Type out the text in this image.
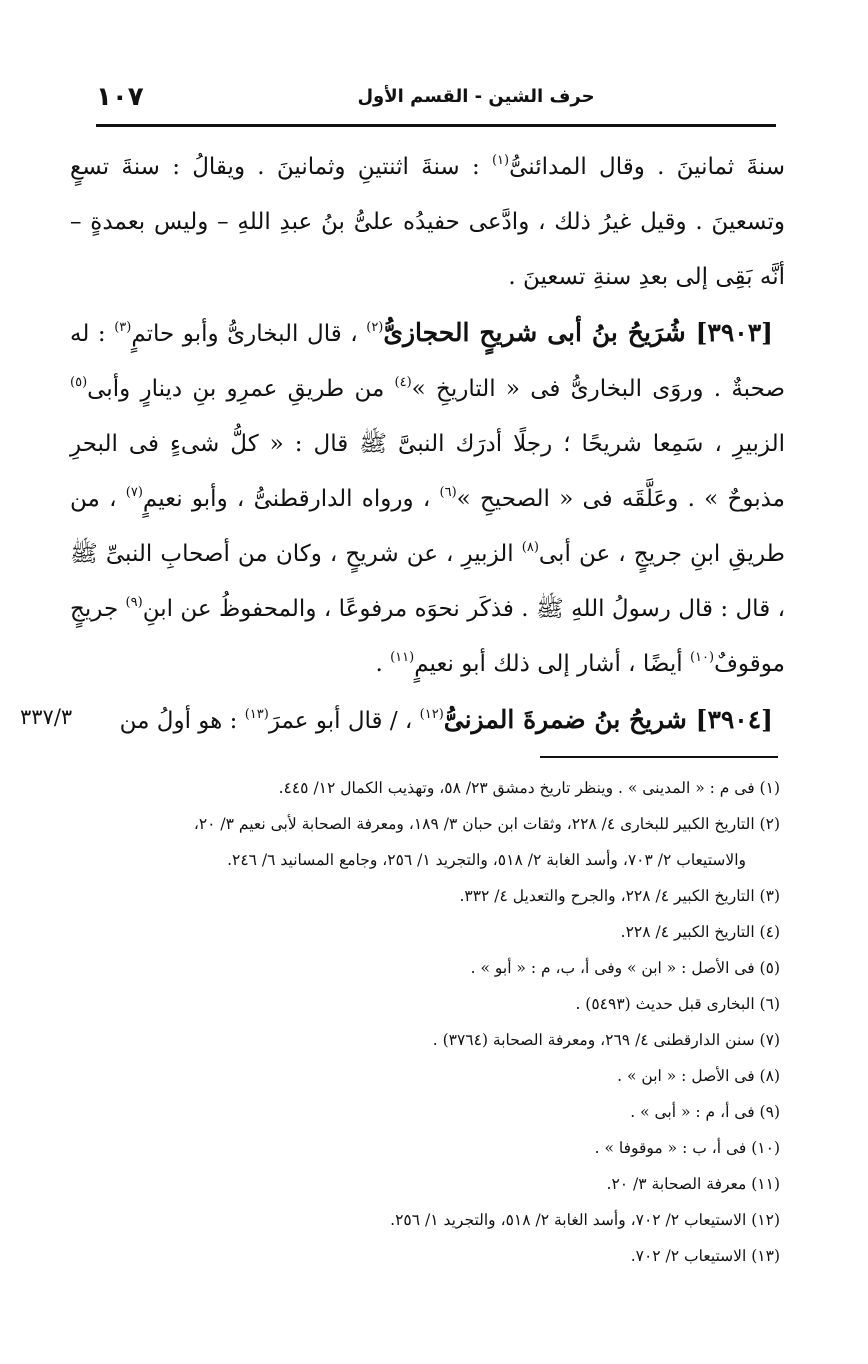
١٠٧	حرف الشين - القسم الأول

سنةَ ثمانينَ . وقال المدائنىُّ$^{(١)}$ : سنةَ اثنتينِ وثمانينَ . ويقالُ : سنةَ تسعٍ وتسعينَ . وقيل غيرُ ذلك ، وادَّعى حفيدُه علىُّ بنُ عبدِ اللهِ – وليس بعمدةٍ – أنَّه بَقِى إلى بعدِ سنةِ تسعينَ .

[٣٩٠٣] شُرَيحُ بنُ أبى شريحٍ الحجازىُّ$^{(٢)}$ ، قال البخارىُّ وأبو حاتمٍ$^{(٣)}$ : له صحبةٌ . وروَى البخارىُّ فى « التاريخِ »$^{(٤)}$ من طريقِ عمرِو بنِ دينارٍ وأبى$^{(٥)}$ الزبيرِ ، سَمِعا شريحًا ؛ رجلًا أدرَك النبىَّ ﷺ قال : « كلُّ شىءٍ فى البحرِ مذبوحٌ » . وعَلَّقَه فى « الصحيحِ »$^{(٦)}$ ، ورواه الدارقطنىُّ ، وأبو نعيمٍ$^{(٧)}$ ، من طريقِ ابنِ جريجٍ ، عن أبى$^{(٨)}$ الزبيرِ ، عن شريحٍ ، وكان من أصحابِ النبىِّ ﷺ ، قال : قال رسولُ اللهِ ﷺ . فذكَر نحوَه مرفوعًا ، والمحفوظُ عن ابنِ$^{(٩)}$ جريجٍ موقوفٌ$^{(١٠)}$ أيضًا ، أشار إلى ذلك أبو نعيمٍ$^{(١١)}$ .

[٣٩٠٤] شريحُ بنُ ضمرةَ المزنىُّ$^{(١٢)}$ ، / قال أبو عمرَ$^{(١٣)}$ : هو أولُ من

٣٣٧/٣

(١) فى م : « المدينى » . وينظر تاريخ دمشق ٢٣/ ٥٨، وتهذيب الكمال ١٢/ ٤٤٥.

(٢) التاريخ الكبير للبخارى ٤/ ٢٢٨، وثقات ابن حبان ٣/ ١٨٩، ومعرفة الصحابة لأبى نعيم ٣/ ٢٠،

والاستيعاب ٢/ ٧٠٣، وأسد الغابة ٢/ ٥١٨، والتجريد ١/ ٢٥٦، وجامع المسانيد ٦/ ٢٤٦.

(٣) التاريخ الكبير ٤/ ٢٢٨، والجرح والتعديل ٤/ ٣٣٢.

(٤) التاريخ الكبير ٤/ ٢٢٨.

(٥) فى الأصل : « ابن » وفى أ، ب، م : « أبو » .

(٦) البخارى قبل حديث (٥٤٩٣) .

(٧) سنن الدارقطنى ٤/ ٢٦٩، ومعرفة الصحابة (٣٧٦٤) .

(٨) فى الأصل : « ابن » .

(٩) فى أ، م : « أبى » .

(١٠) فى أ، ب : « موقوفا » .

(١١) معرفة الصحابة ٣/ ٢٠.

(١٢) الاستيعاب ٢/ ٧٠٢، وأسد الغابة ٢/ ٥١٨، والتجريد ١/ ٢٥٦.

(١٣) الاستيعاب ٢/ ٧٠٢.
